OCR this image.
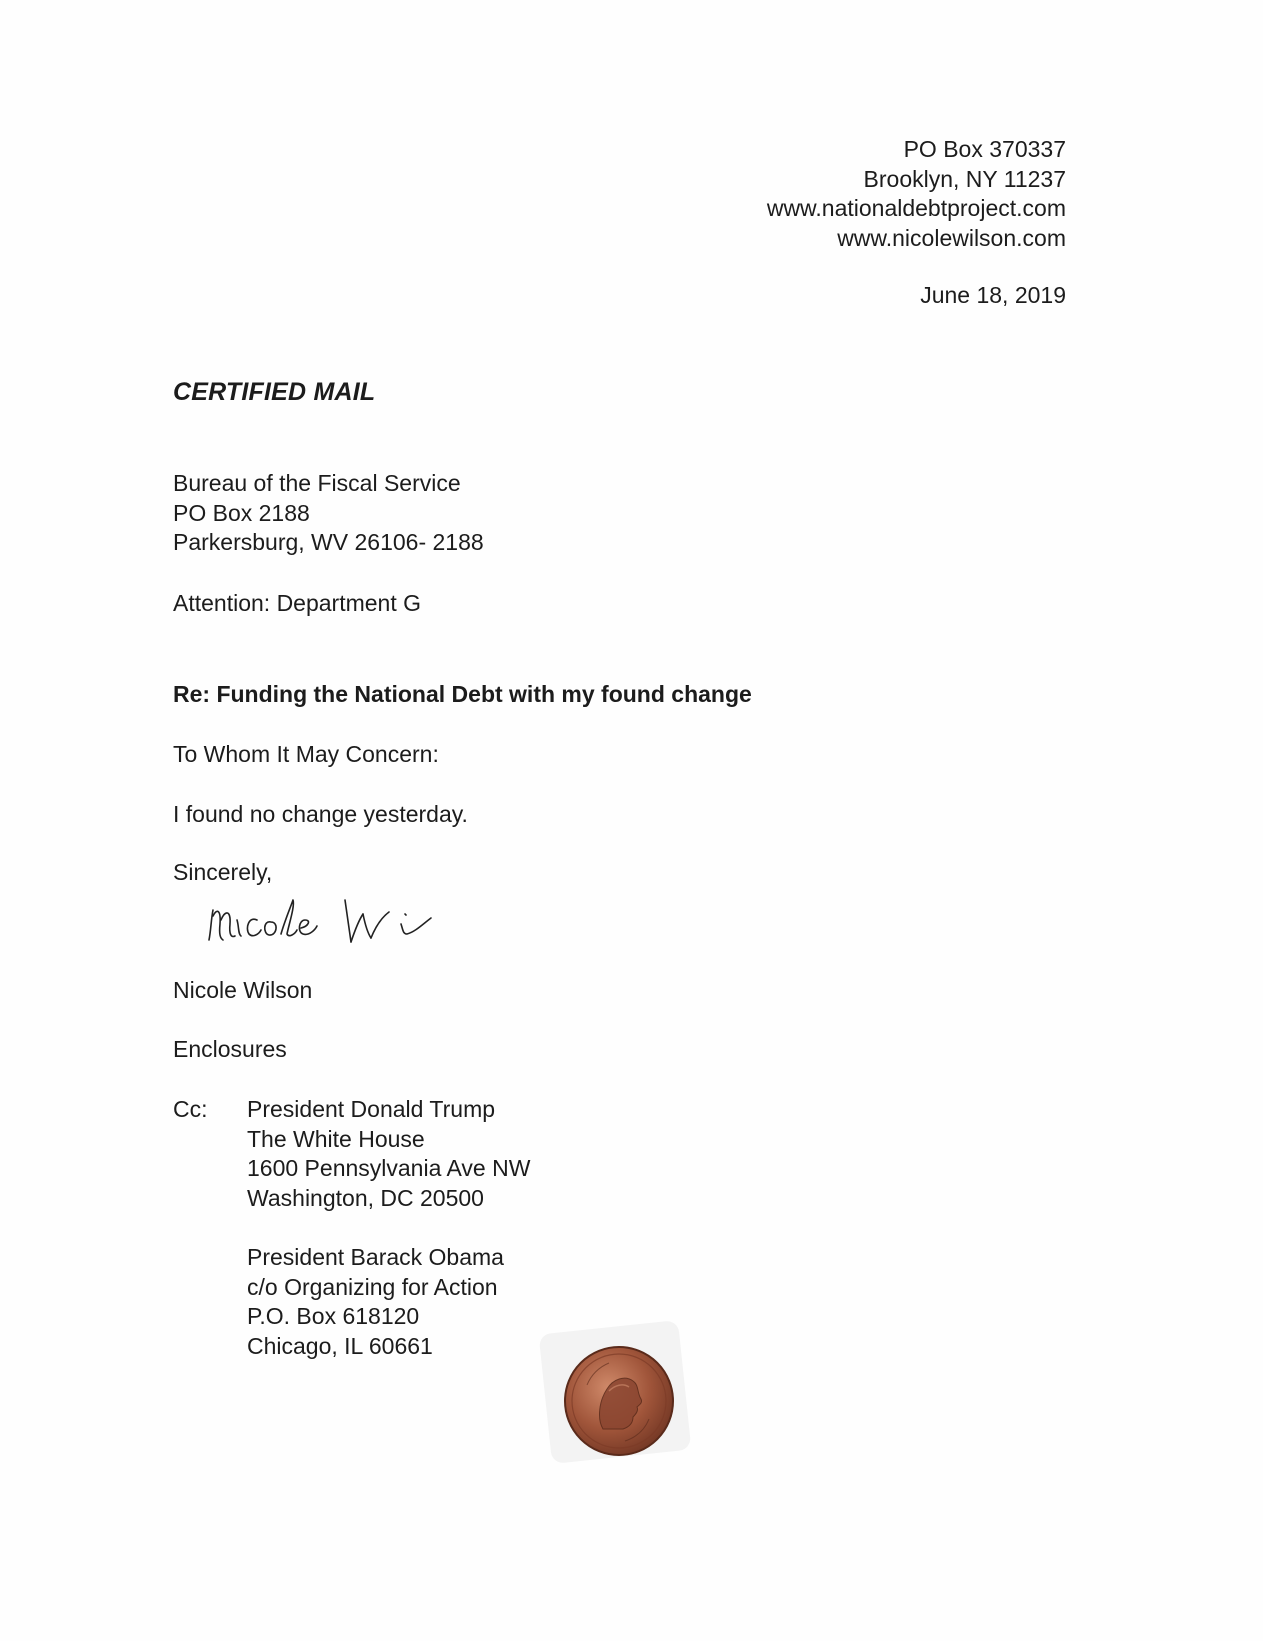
PO Box 370337
Brooklyn, NY 11237
www.nationaldebtproject.com
www.nicolewilson.com
June 18, 2019
CERTIFIED MAIL
Bureau of the Fiscal Service
PO Box 2188
Parkersburg, WV 26106- 2188
Attention: Department G
Re: Funding the National Debt with my found change
To Whom It May Concern:
I found no change yesterday.
Sincerely,
Nicole Wilson
Enclosures
Cc: President Donald Trump
The White House
1600 Pennsylvania Ave NW
Washington, DC 20500
President Barack Obama
c/o Organizing for Action
P.O. Box 618120
Chicago, IL 60661
